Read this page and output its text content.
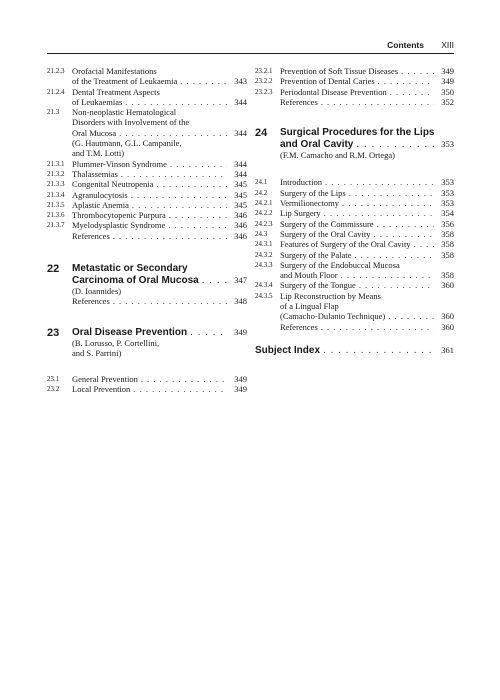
Contents XIII
21.2.3 Orofacial Manifestations
of the Treatment of Leukaemia . . .	343
21.2.4 Dental Treatment Aspects
of Leukaemias . . .	344
21.3	Non-neoplastic Hematological
Disorders with Involvement of the
Oral Mucosa . . .	344
(G. Hautmann, G.L. Campanile,
and T.M. Lotti)
21.3.1 Plummer-Vinson Syndrome . . .	344
21.3.2 Thalassemias . . .	344
21.3.3 Congenital Neutropenia . . .	345
21.3.4 Agranulocytosis . . .	345
21.3.5 Aplastic Anemia . . .	345
21.3.6 Thrombocytopenic Purpura . . .	346
21.3.7 Myelodysplastic Syndrome . . .	346
References . . .	346
22	Metastatic or Secondary
Carcinoma of Oral Mucosa . . .	347
(D. Ioannides)
References . . .	348
23	Oral Disease Prevention . . .	349
(B. Lorusso, P. Cortellini,
and S. Parrini)
23.1	General Prevention . . .	349
23.2	Local Prevention . . .	349
23.2.1 Prevention of Soft Tissue Diseases . . .	349
23.2.2 Prevention of Dental Caries . . .	349
23.2.3 Periodontal Disease Prevention . . .	350
References . . .	352
24	Surgical Procedures for the Lips
and Oral Cavity . . .	353
(F.M. Camacho and R.M. Ortega)
24.1	Introduction . . .	353
24.2	Surgery of the Lips . . .	353
24.2.1 Vermilionectomy . . .	353
24.2.2 Lip Surgery . . .	354
24.2.3 Surgery of the Commissure . . .	356
24.3	Surgery of the Oral Cavity . . .	358
24.3.1 Features of Surgery of the Oral Cavity . . .	358
24.3.2 Surgery of the Palate . . .	358
24.3.3 Surgery of the Endobuccal Mucosa
and Mouth Floor . . .	358
24.3.4 Surgery of the Tongue . . .	360
24.3.5 Lip Reconstruction by Means
of a Lingual Flap
(Camacho-Dulanto Technique) . . .	360
References . . .	360
Subject Index . . .	361
